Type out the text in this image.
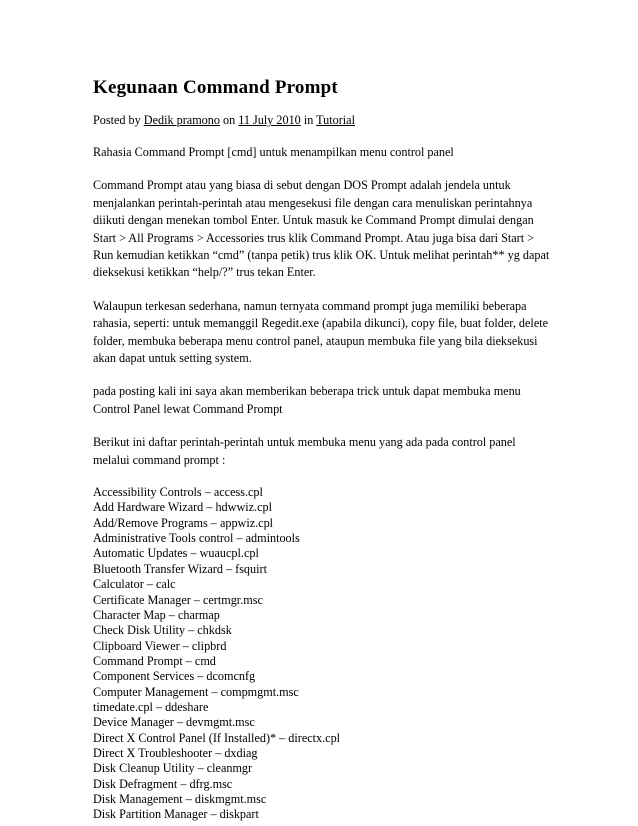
Kegunaan Command Prompt
Posted by Dedik pramono on 11 July 2010 in Tutorial

Rahasia Command Prompt [cmd] untuk menampilkan menu control panel

Command Prompt atau yang biasa di sebut dengan DOS Prompt adalah jendela untuk menjalankan perintah-perintah atau mengesekusi file dengan cara menuliskan perintahnya diikuti dengan menekan tombol Enter. Untuk masuk ke Command Prompt dimulai dengan Start > All Programs > Accessories trus klik Command Prompt. Atau juga bisa dari Start > Run kemudian ketikkan “cmd” (tanpa petik) trus klik OK. Untuk melihat perintah** yg dapat dieksekusi ketikkan “help/?” trus tekan Enter.

Walaupun terkesan sederhana, namun ternyata command prompt juga memiliki beberapa rahasia, seperti: untuk memanggil Regedit.exe (apabila dikunci), copy file, buat folder, delete folder, membuka beberapa menu control panel, ataupun membuka file yang bila dieksekusi akan dapat untuk setting system.

pada posting kali ini saya akan memberikan beberapa trick untuk dapat membuka menu Control Panel lewat Command Prompt

Berikut ini daftar perintah-perintah untuk membuka menu yang ada pada control panel melalui command prompt :

Accessibility Controls – access.cpl
Add Hardware Wizard – hdwwiz.cpl
Add/Remove Programs – appwiz.cpl
Administrative Tools control – admintools
Automatic Updates – wuaucpl.cpl
Bluetooth Transfer Wizard – fsquirt
Calculator – calc
Certificate Manager – certmgr.msc
Character Map – charmap
Check Disk Utility – chkdsk
Clipboard Viewer – clipbrd
Command Prompt – cmd
Component Services – dcomcnfg
Computer Management – compmgmt.msc
timedate.cpl – ddeshare
Device Manager – devmgmt.msc
Direct X Control Panel (If Installed)* – directx.cpl
Direct X Troubleshooter – dxdiag
Disk Cleanup Utility – cleanmgr
Disk Defragment – dfrg.msc
Disk Management – diskmgmt.msc
Disk Partition Manager – diskpart
